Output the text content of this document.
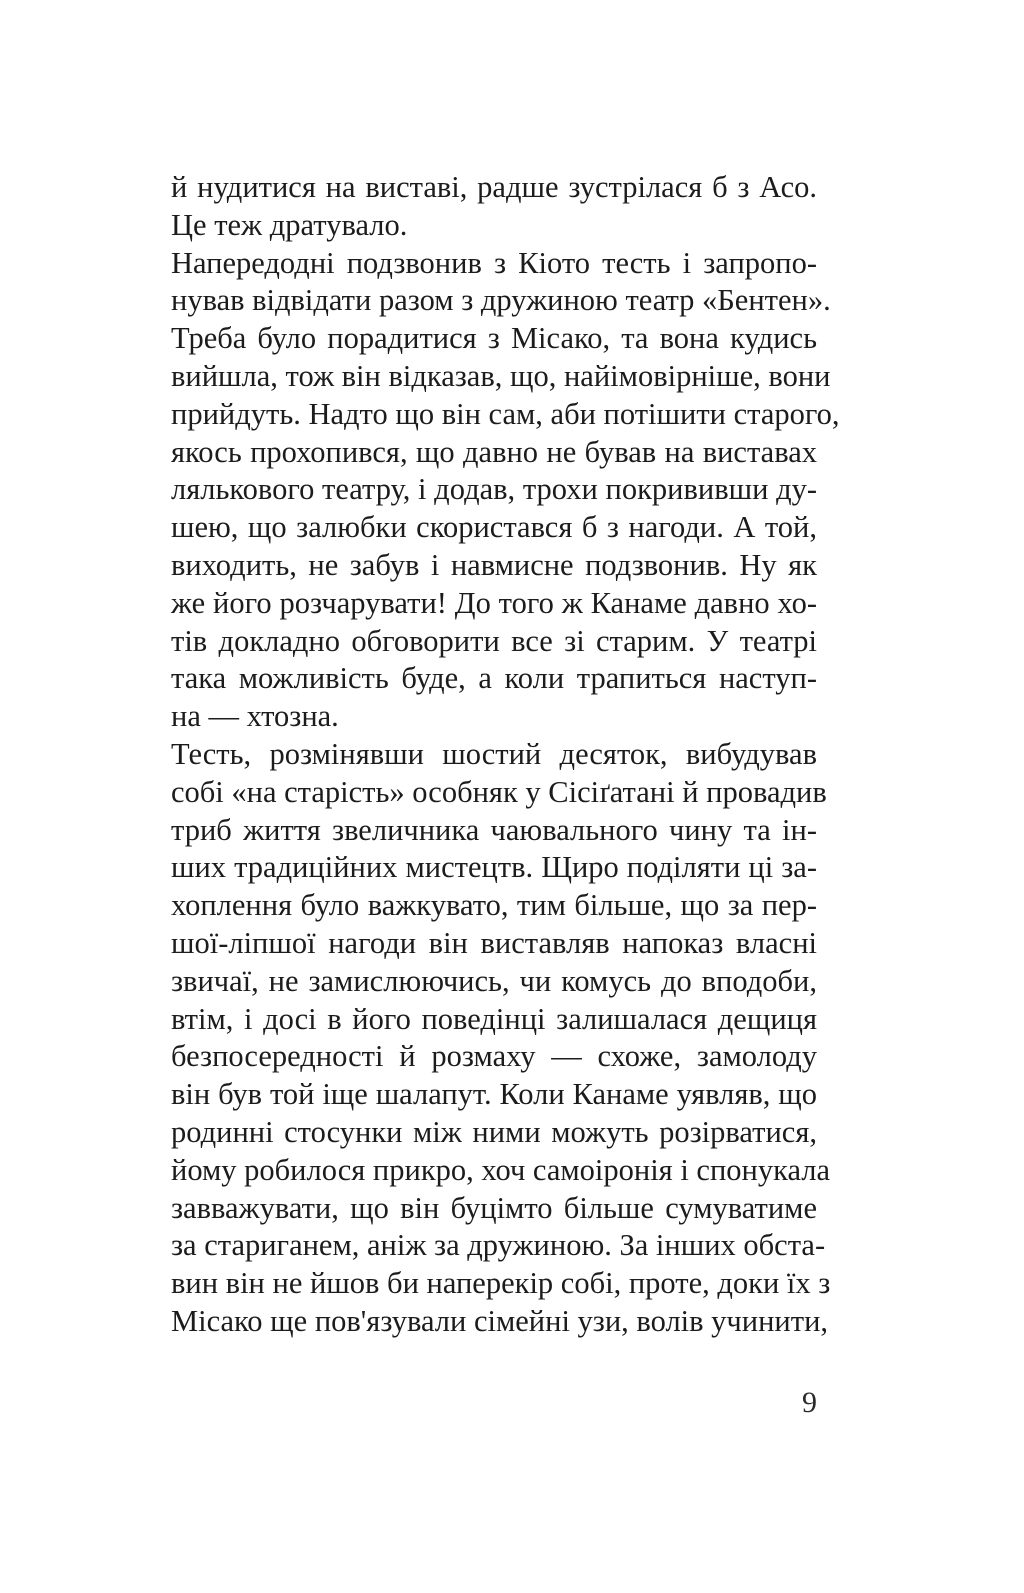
й нудитися на виставі, радше зустрілася б з Асо.
Це теж дратувало.
Напередодні подзвонив з Кіото тесть і запропо-
нував відвідати разом з дружиною театр «Бентен».
Треба було порадитися з Місако, та вона кудись
вийшла, тож він відказав, що, найімовірніше, вони
прийдуть. Надто що він сам, аби потішити старого,
якось прохопився, що давно не бував на виставах
лялькового театру, і додав, трохи покрививши ду-
шею, що залюбки скористався б з нагоди. А той,
виходить, не забув і навмисне подзвонив. Ну як
же його розчарувати! До того ж Канаме давно хо-
тів докладно обговорити все зі старим. У театрі
така можливість буде, а коли трапиться наступ-
на — хтозна.
Тесть, розмінявши шостий десяток, вибудував
собі «на старість» особняк у Сісіґатані й провадив
триб життя звеличника чаювального чину та ін-
ших традиційних мистецтв. Щиро поділяти ці за-
хоплення було важкувато, тим більше, що за пер-
шої-ліпшої нагоди він виставляв напоказ власні
звичаї, не замислюючись, чи комусь до вподоби,
втім, і досі в його поведінці залишалася дещиця
безпосередності й розмаху — схоже, замолоду
він був той іще шалапут. Коли Канаме уявляв, що
родинні стосунки між ними можуть розірватися,
йому робилося прикро, хоч самоіронія і спонукала
завважувати, що він буцімто більше сумуватиме
за стариганем, аніж за дружиною. За інших обста-
вин він не йшов би наперекір собі, проте, доки їх з
Місако ще пов'язували сімейні узи, волів учинити,
9
